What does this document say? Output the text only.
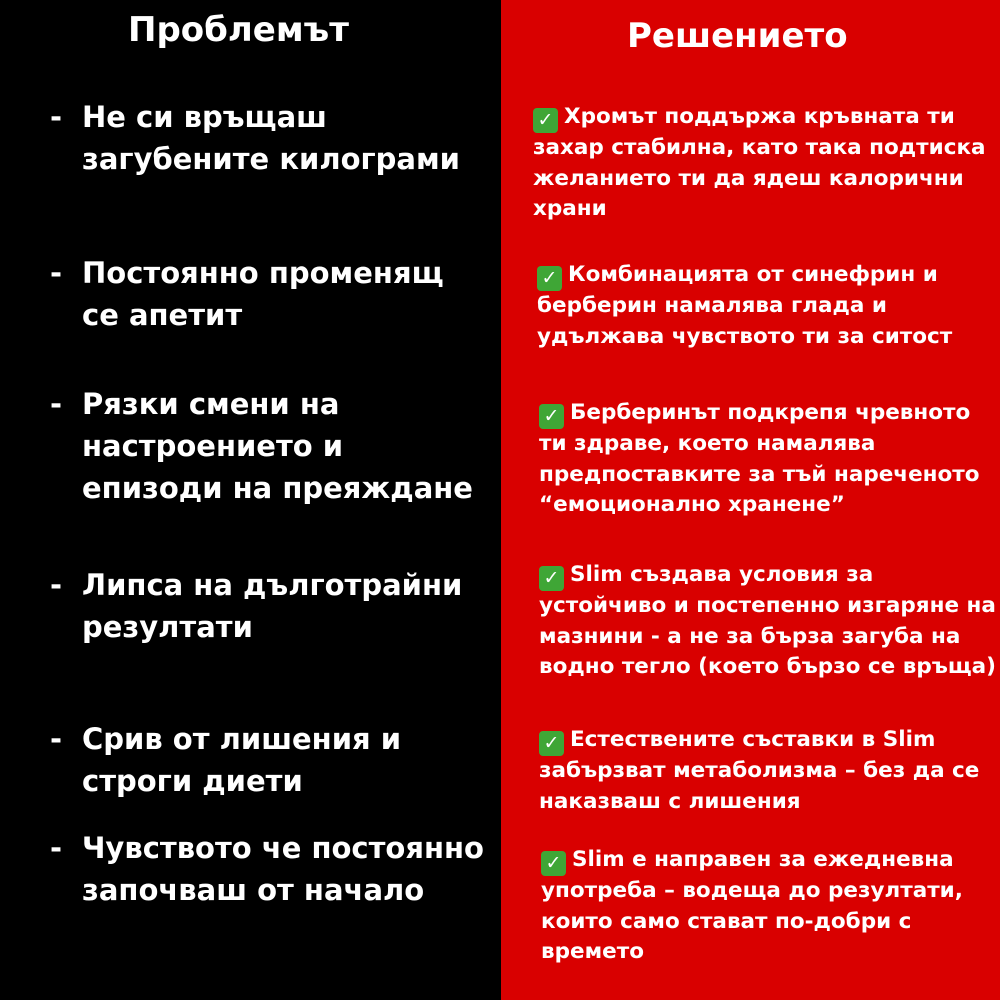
Проблемът
- Не си връщаш загубените килограми
- Постоянно променящ се апетит
- Рязки смени на настроението и епизоди на преяждане
- Липса на дълготрайни резултати
- Срив от лишения и строги диети
- Чувството че постоянно започваш от начало
Решението
✓ Хромът поддържа кръвната ти захар стабилна, като така подтиска желанието ти да ядеш калорични храни
✓ Комбинацията от синефрин и берберин намалява глада и удължава чувството ти за ситост
✓ Берберинът подкрепя чревното ти здраве, което намалява предпоставките за тъй нареченото “емоционално хранене”
✓ Slim създава условия за устойчиво и постепенно изгаряне на мазнини - а не за бърза загуба на водно тегло (което бързо се връща)
✓ Естествените съставки в Slim забързват метаболизма – без да се наказваш с лишения
✓ Slim е направен за ежедневна употреба – водеща до резултати, които само стават по-добри с времето
